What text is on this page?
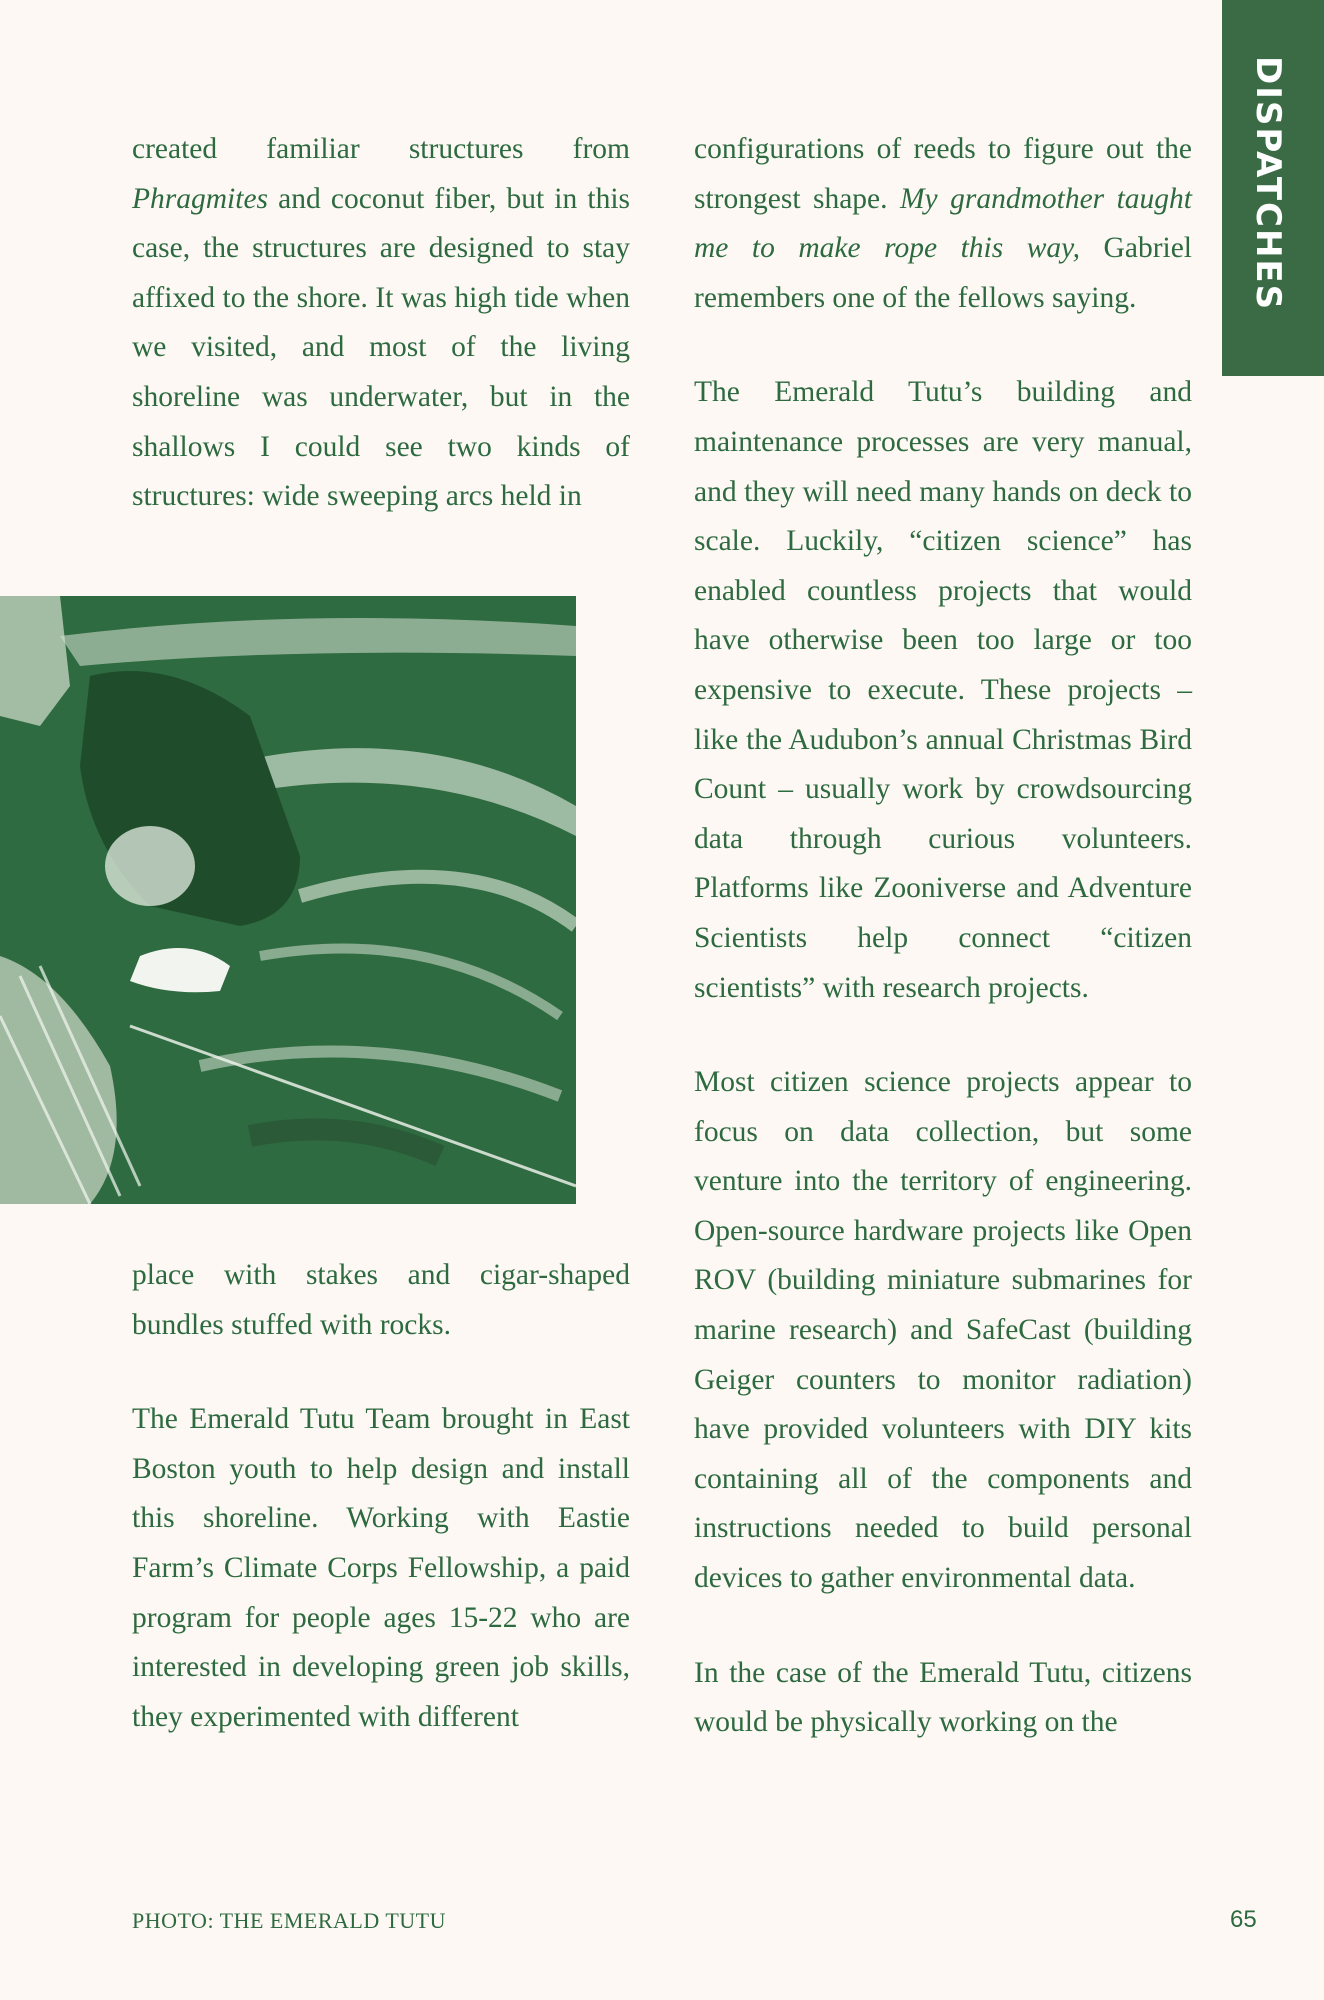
DISPATCHES

created familiar structures from Phragmites and coconut fiber, but in this case, the structures are designed to stay affixed to the shore. It was high tide when we visited, and most of the living shoreline was underwater, but in the shallows I could see two kinds of structures: wide sweeping arcs held in

place with stakes and cigar-shaped bundles stuffed with rocks.

The Emerald Tutu Team brought in East Boston youth to help design and install this shoreline. Working with Eastie Farm’s Climate Corps Fellowship, a paid program for people ages 15-22 who are interested in developing green job skills, they experimented with different

configurations of reeds to figure out the strongest shape. My grandmother taught me to make rope this way, Gabriel remembers one of the fellows saying.

The Emerald Tutu’s building and maintenance processes are very manual, and they will need many hands on deck to scale. Luckily, “citizen science” has enabled countless projects that would have otherwise been too large or too expensive to execute. These projects – like the Audubon’s annual Christmas Bird Count – usually work by crowdsourcing data through curious volunteers. Platforms like Zooniverse and Adventure Scientists help connect “citizen scientists” with research projects.

Most citizen science projects appear to focus on data collection, but some venture into the territory of engineering. Open-source hardware projects like Open ROV (building miniature submarines for marine research) and SafeCast (building Geiger counters to monitor radiation) have provided volunteers with DIY kits containing all of the components and instructions needed to build personal devices to gather environmental data.

In the case of the Emerald Tutu, citizens would be physically working on the

PHOTO: THE EMERALD TUTU	65
